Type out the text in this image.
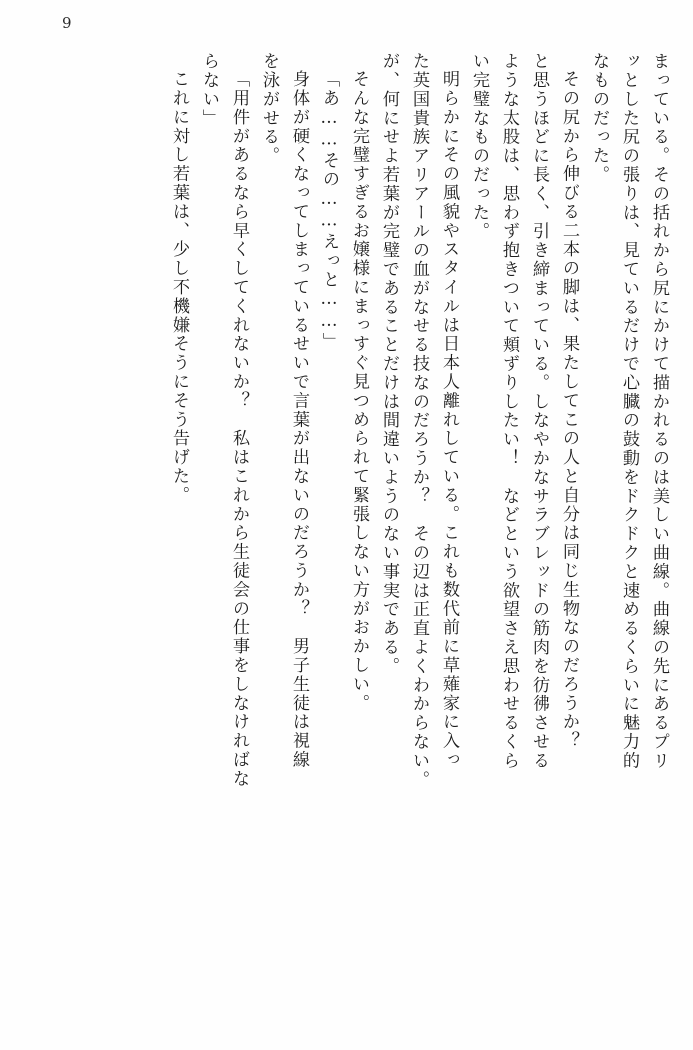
9
まっている。その括れから尻にかけて描かれるのは美しい曲線。曲線の先にあるプリ
ッとした尻の張りは、見ているだけで心臓の鼓動をドクドクと速めるくらいに魅力的
なものだった。
その尻から伸びる二本の脚は、果たしてこの人と自分は同じ生物なのだろうか？
と思うほどに長く、引き締まっている。しなやかなサラブレッドの筋肉を彷彿させる
ような太股は、思わず抱きついて頬ずりしたい！　などという欲望さえ思わせるくら
い完璧なものだった。
明らかにその風貌やスタイルは日本人離れしている。これも数代前に草薙家に入っ
た英国貴族アリアールの血がなせる技なのだろうか？　その辺は正直よくわからない。
が、何にせよ若葉が完璧であることだけは間違いようのない事実である。
そんな完璧すぎるお嬢様にまっすぐ見つめられて緊張しない方がおかしい。
「あ……その……えっと……」
身体が硬くなってしまっているせいで言葉が出ないのだろうか？　男子生徒は視線
を泳がせる。
「用件があるなら早くしてくれないか？　私はこれから生徒会の仕事をしなければな
らない」
これに対し若葉は、少し不機嫌そうにそう告げた。
